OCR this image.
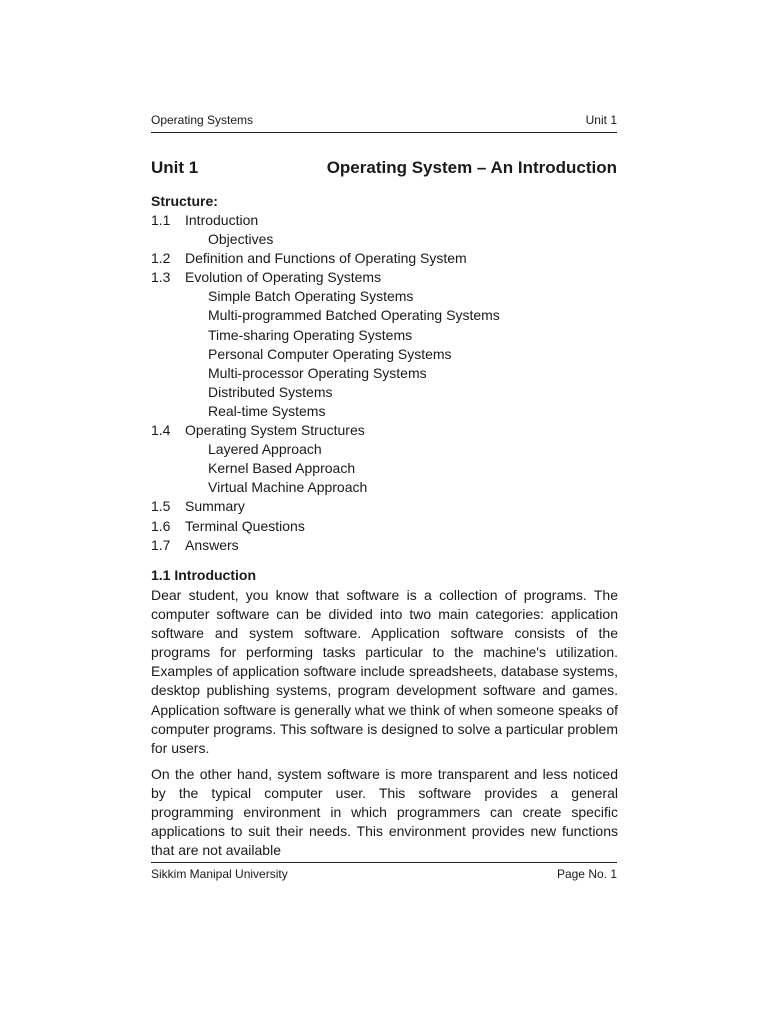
Operating Systems	Unit 1
Unit 1	Operating System – An Introduction
Structure:
1.1 Introduction
Objectives
1.2 Definition and Functions of Operating System
1.3 Evolution of Operating Systems
Simple Batch Operating Systems
Multi-programmed Batched Operating Systems
Time-sharing Operating Systems
Personal Computer Operating Systems
Multi-processor Operating Systems
Distributed Systems
Real-time Systems
1.4 Operating System Structures
Layered Approach
Kernel Based Approach
Virtual Machine Approach
1.5 Summary
1.6 Terminal Questions
1.7 Answers
1.1 Introduction

Dear student, you know that software is a collection of programs. The computer software can be divided into two main categories: application software and system software. Application software consists of the programs for performing tasks particular to the machine's utilization. Examples of application software include spreadsheets, database systems, desktop publishing systems, program development software and games. Application software is generally what we think of when someone speaks of computer programs. This software is designed to solve a particular problem for users.

On the other hand, system software is more transparent and less noticed by the typical computer user. This software provides a general programming environment in which programmers can create specific applications to suit their needs. This environment provides new functions that are not available

Sikkim Manipal University	Page No. 1
